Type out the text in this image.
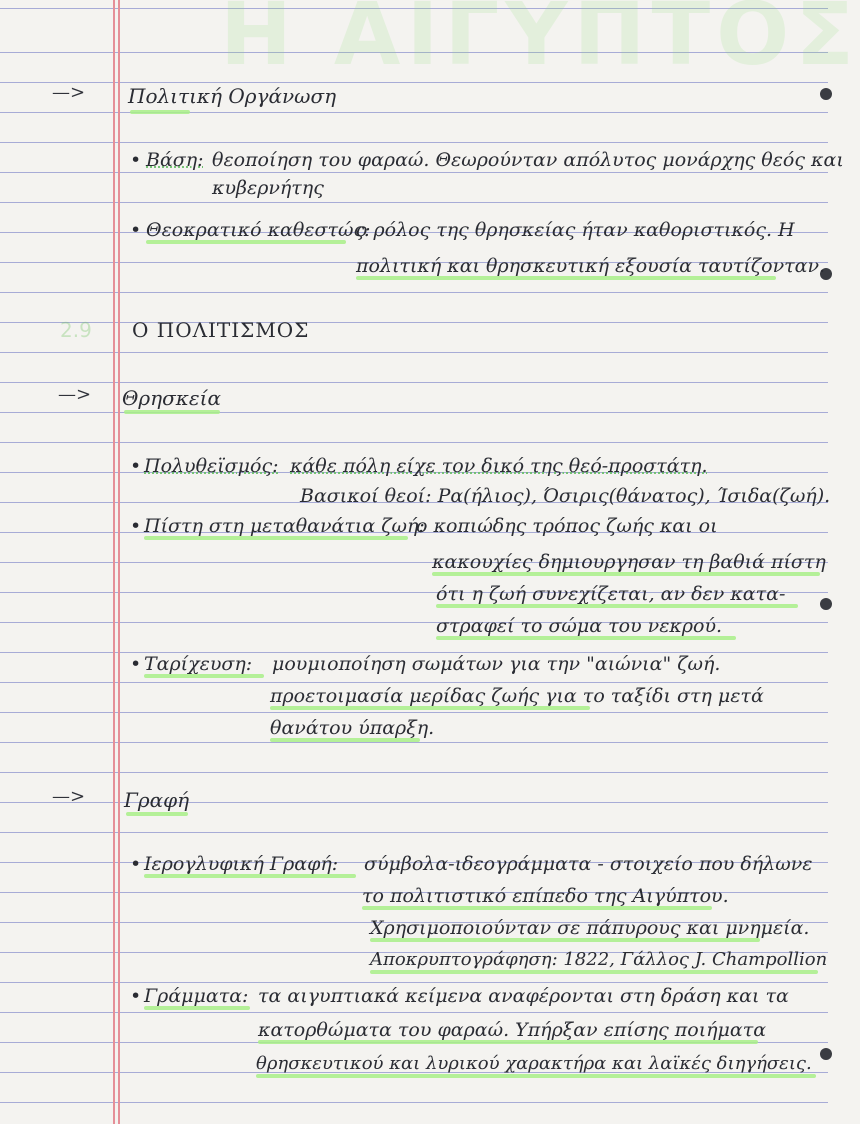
Η ΑΙΓΥΠΤΟΣ
—> Πολιτική Οργάνωση
• Βάση: θεοποίηση του φαραώ. Θεωρούνταν απόλυτος μονάρχης θεός και
κυβερνήτης
• Θεοκρατικό καθεστώς:
ο ρόλος της θρησκείας ήταν καθοριστικός. Η
πολιτική και θρησκευτική εξουσία ταυτίζονταν.
2.9 Ο ΠΟΛΙΤΙΣΜΟΣ
—> Θρησκεία
• Πολυθεϊσμός: κάθε πόλη είχε τον δικό της θεό-προστάτη.
Βασικοί θεοί: Ρα(ήλιος), Όσιρις(θάνατος), Ίσιδα(ζωή).
• Πίστη στη μεταθανάτια ζωή:
ο κοπιώδης τρόπος ζωής και οι
κακουχίες δημιουργησαν τη βαθιά πίστη
ότι η ζωή συνεχίζεται, αν δεν κατα-
στραφεί το σώμα του νεκρού.
• Ταρίχευση: μουμιοποίηση σωμάτων για την "αιώνια" ζωή.
προετοιμασία μερίδας ζωής για το ταξίδι στη μετά
θανάτου ύπαρξη.
—> Γραφή
• Ιερογλυφική Γραφή: σύμβολα-ιδεογράμματα - στοιχείο που δήλωνε
το πολιτιστικό επίπεδο της Αιγύπτου.
Χρησιμοποιούνταν σε πάπυρους και μνημεία.
Αποκρυπτογράφηση: 1822, Γάλλος J. Champollion
• Γράμματα: τα αιγυπτιακά κείμενα αναφέρονται στη δράση και τα
κατορθώματα του φαραώ. Υπήρξαν επίσης ποιήματα
θρησκευτικού και λυρικού χαρακτήρα και λαϊκές διηγήσεις.
